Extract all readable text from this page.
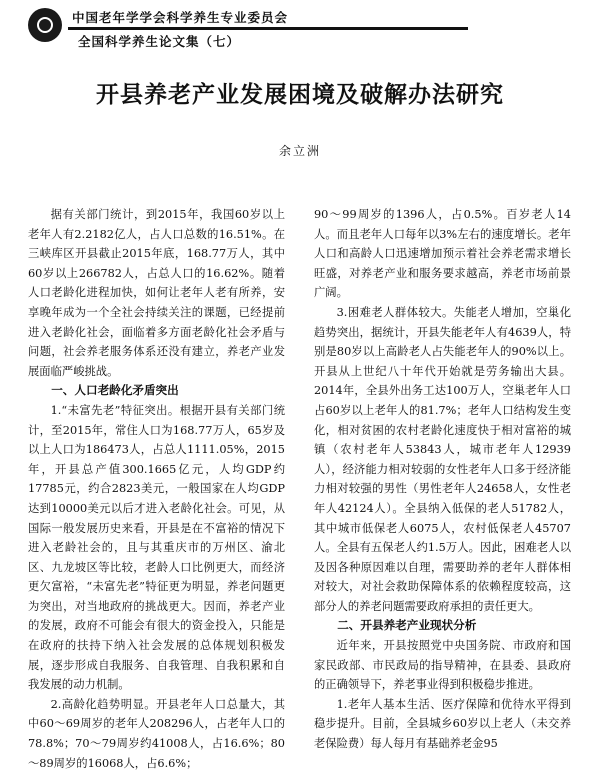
中国老年学学会科学养生专业委员会
全国科学养生论文集（七）
开县养老产业发展困境及破解办法研究
余立洲

据有关部门统计，到2015年，我国60岁以上老年人有2.2182亿人，占人口总数的16.51%。在三峡库区开县截止2015年底，168.77万人，其中60岁以上266782人，占总人口的16.62%。随着人口老龄化进程加快，如何让老年人老有所养，安享晚年成为一个全社会持续关注的课题，已经提前进入老龄化社会，面临着多方面老龄化社会矛盾与问题，社会养老服务体系还没有建立，养老产业发展面临严峻挑战。

一、人口老龄化矛盾突出

1.“未富先老”特征突出。根据开县有关部门统计，至2015年，常住人口为168.77万人，65岁及以上人口为186473人，占总人1111.05%，2015年，开县总产值300.1665亿元，人均GDP约17785元，约合2823美元，一般国家在人均GDP达到10000美元以后才进入老龄化社会。可见，从国际一般发展历史来看，开县是在不富裕的情况下进入老龄社会的，且与其重庆市的万州区、渝北区、九龙坡区等比较，老龄人口比例更大，而经济更欠富裕，“未富先老”特征更为明显，养老问题更为突出，对当地政府的挑战更大。因而，养老产业的发展，政府不可能会有很大的资金投入，只能是在政府的扶持下纳入社会发展的总体规划积极发展，逐步形成自我服务、自我管理、自我积累和自我发展的动力机制。

2.高龄化趋势明显。开县老年人口总量大，其中60～69周岁的老年人208296人，占老年人口的78.8%；70～79周岁约41008人，占16.6%；80～89周岁的16068人，占6.6%；

90～99周岁的1396人，占0.5%。百岁老人14人。而且老年人口每年以3%左右的速度增长。老年人口和高龄人口迅速增加预示着社会养老需求增长旺盛，对养老产业和服务要求越高，养老市场前景广阔。

3.困难老人群体较大。失能老人增加，空巢化趋势突出，据统计，开县失能老年人有4639人，特别是80岁以上高龄老人占失能老年人的90%以上。开县从上世纪八十年代开始就是劳务输出大县。2014年，全县外出务工达100万人，空巢老年人口占60岁以上老年人的81.7%；老年人口结构发生变化，相对贫困的农村老龄化速度快于相对富裕的城镇（农村老年人53843人，城市老年人12939人），经济能力相对较弱的女性老年人口多于经济能力相对较强的男性（男性老年人24658人，女性老年人42124人）。全县纳入低保的老人51782人，其中城市低保老人6075人，农村低保老人45707人。全县有五保老人约1.5万人。因此，困难老人以及因各种原因难以自理，需要助养的老年人群体相对较大，对社会救助保障体系的依赖程度较高，这部分人的养老问题需要政府承担的责任更大。

二、开县养老产业现状分析

近年来，开县按照党中央国务院、市政府和国家民政部、市民政局的指导精神，在县委、县政府的正确领导下，养老事业得到积极稳步推进。

1.老年人基本生活、医疗保障和优待水平得到稳步提升。目前，全县城乡60岁以上老人（未交养老保险费）每人每月有基础养老金95
